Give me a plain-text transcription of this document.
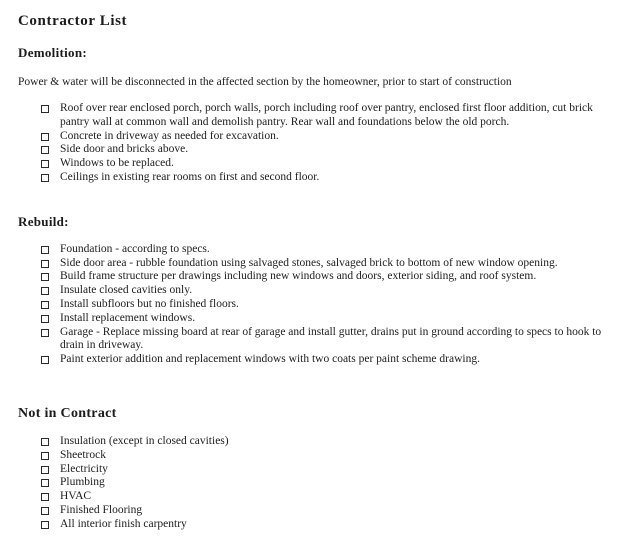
Contractor List
Demolition:

Power & water will be disconnected in the affected section by the homeowner, prior to start of construction

Roof over rear enclosed porch, porch walls, porch including roof over pantry, enclosed first floor addition, cut brick pantry wall at common wall and demolish pantry. Rear wall and foundations below the old porch.
Concrete in driveway as needed for excavation.
Side door and bricks above.
Windows to be replaced.
Ceilings in existing rear rooms on first and second floor.
Rebuild:
Foundation - according to specs.
Side door area - rubble foundation using salvaged stones, salvaged brick to bottom of new window opening.
Build frame structure per drawings including new windows and doors, exterior siding, and roof system.
Insulate closed cavities only.
Install subfloors but no finished floors.
Install replacement windows.
Garage - Replace missing board at rear of garage and install gutter, drains put in ground according to specs to hook to drain in driveway.
Paint exterior addition and replacement windows with two coats per paint scheme drawing.
Not in Contract
Insulation (except in closed cavities)
Sheetrock
Electricity
Plumbing
HVAC
Finished Flooring
All interior finish carpentry
